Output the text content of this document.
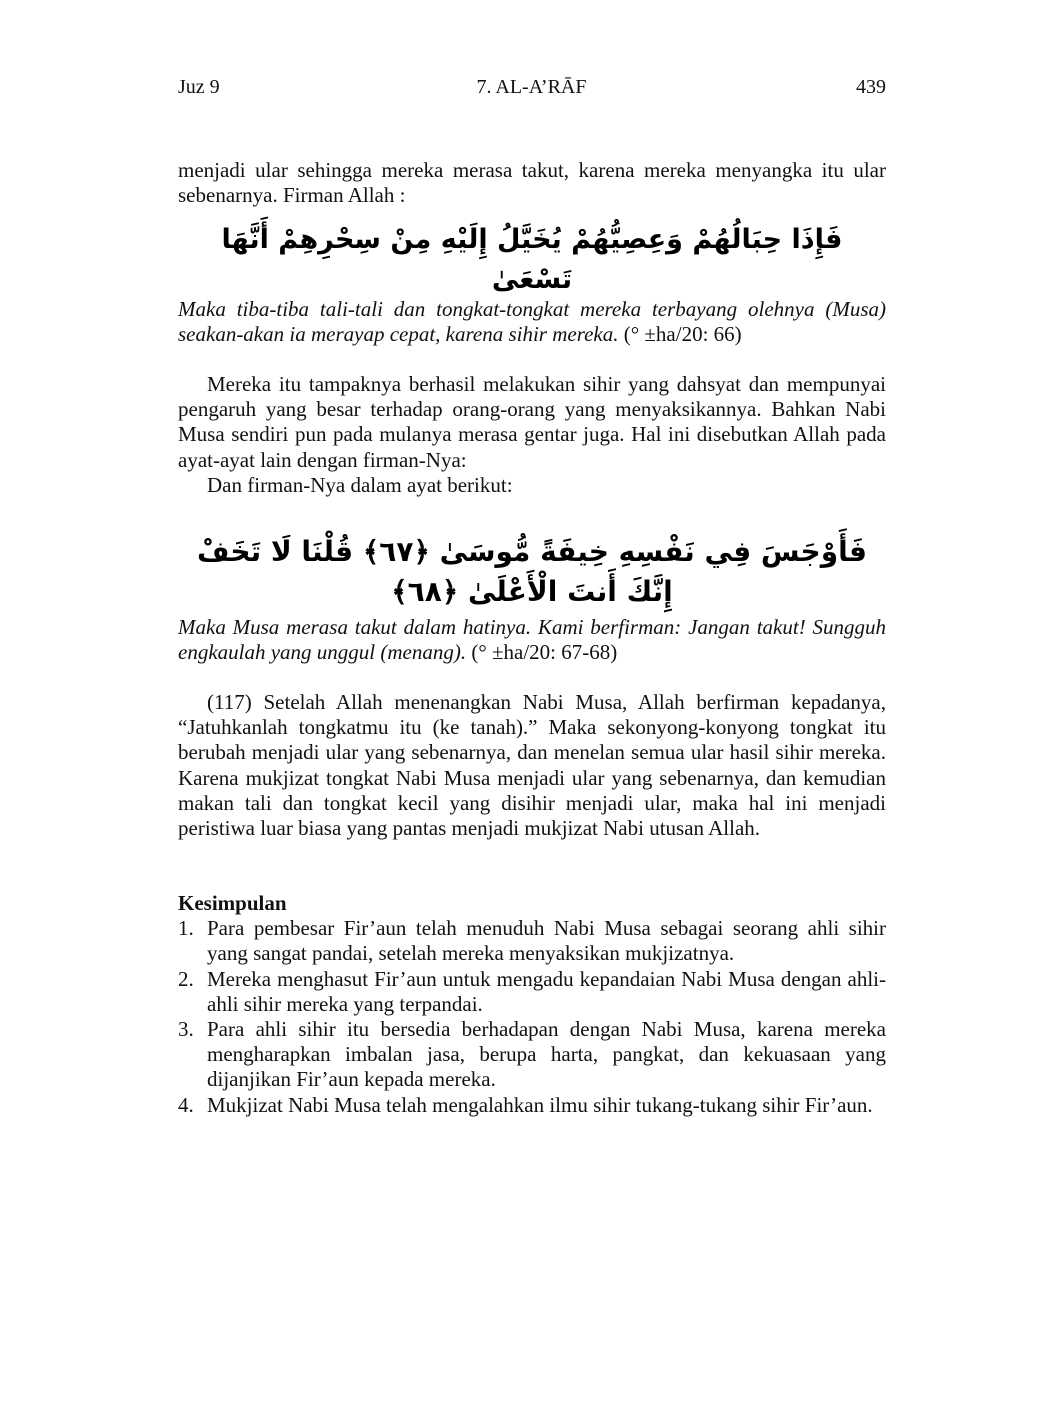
Juz 9	7. AL-A’RĀF	439

menjadi ular sehingga mereka merasa takut, karena mereka menyangka itu ular sebenarnya. Firman Allah :

فَإِذَا حِبَالُهُمْ وَعِصِيُّهُمْ يُخَيَّلُ إِلَيْهِ مِنْ سِحْرِهِمْ أَنَّهَا تَسْعَىٰ

Maka tiba-tiba tali-tali dan tongkat-tongkat mereka terbayang olehnya (Musa) seakan-akan ia merayap cepat, karena sihir mereka. (° ±ha/20: 66)

Mereka itu tampaknya berhasil melakukan sihir yang dahsyat dan mempunyai pengaruh yang besar terhadap orang-orang yang menyaksikannya. Bahkan Nabi Musa sendiri pun pada mulanya merasa gentar juga. Hal ini disebutkan Allah pada ayat-ayat lain dengan firman-Nya:

Dan firman-Nya dalam ayat berikut:

فَأَوْجَسَ فِي نَفْسِهِ خِيفَةً مُّوسَىٰ ﴿٦٧﴾ قُلْنَا لَا تَخَفْ إِنَّكَ أَنتَ الْأَعْلَىٰ ﴿٦٨﴾

Maka Musa merasa takut dalam hatinya. Kami berfirman: Jangan takut! Sungguh engkaulah yang unggul (menang). (° ±ha/20: 67-68)

(117) Setelah Allah menenangkan Nabi Musa, Allah berfirman kepadanya, “Jatuhkanlah tongkatmu itu (ke tanah).” Maka sekonyong-konyong tongkat itu berubah menjadi ular yang sebenarnya, dan menelan semua ular hasil sihir mereka. Karena mukjizat tongkat Nabi Musa menjadi ular yang sebenarnya, dan kemudian makan tali dan tongkat kecil yang disihir menjadi ular, maka hal ini menjadi peristiwa luar biasa yang pantas menjadi mukjizat Nabi utusan Allah.

Kesimpulan
1. Para pembesar Fir’aun telah menuduh Nabi Musa sebagai seorang ahli sihir yang sangat pandai, setelah mereka menyaksikan mukjizatnya.
2. Mereka menghasut Fir’aun untuk mengadu kepandaian Nabi Musa dengan ahli-ahli sihir mereka yang terpandai.
3. Para ahli sihir itu bersedia berhadapan dengan Nabi Musa, karena mereka mengharapkan imbalan jasa, berupa harta, pangkat, dan kekuasaan yang dijanjikan Fir’aun kepada mereka.
4. Mukjizat Nabi Musa telah mengalahkan ilmu sihir tukang-tukang sihir Fir’aun.
